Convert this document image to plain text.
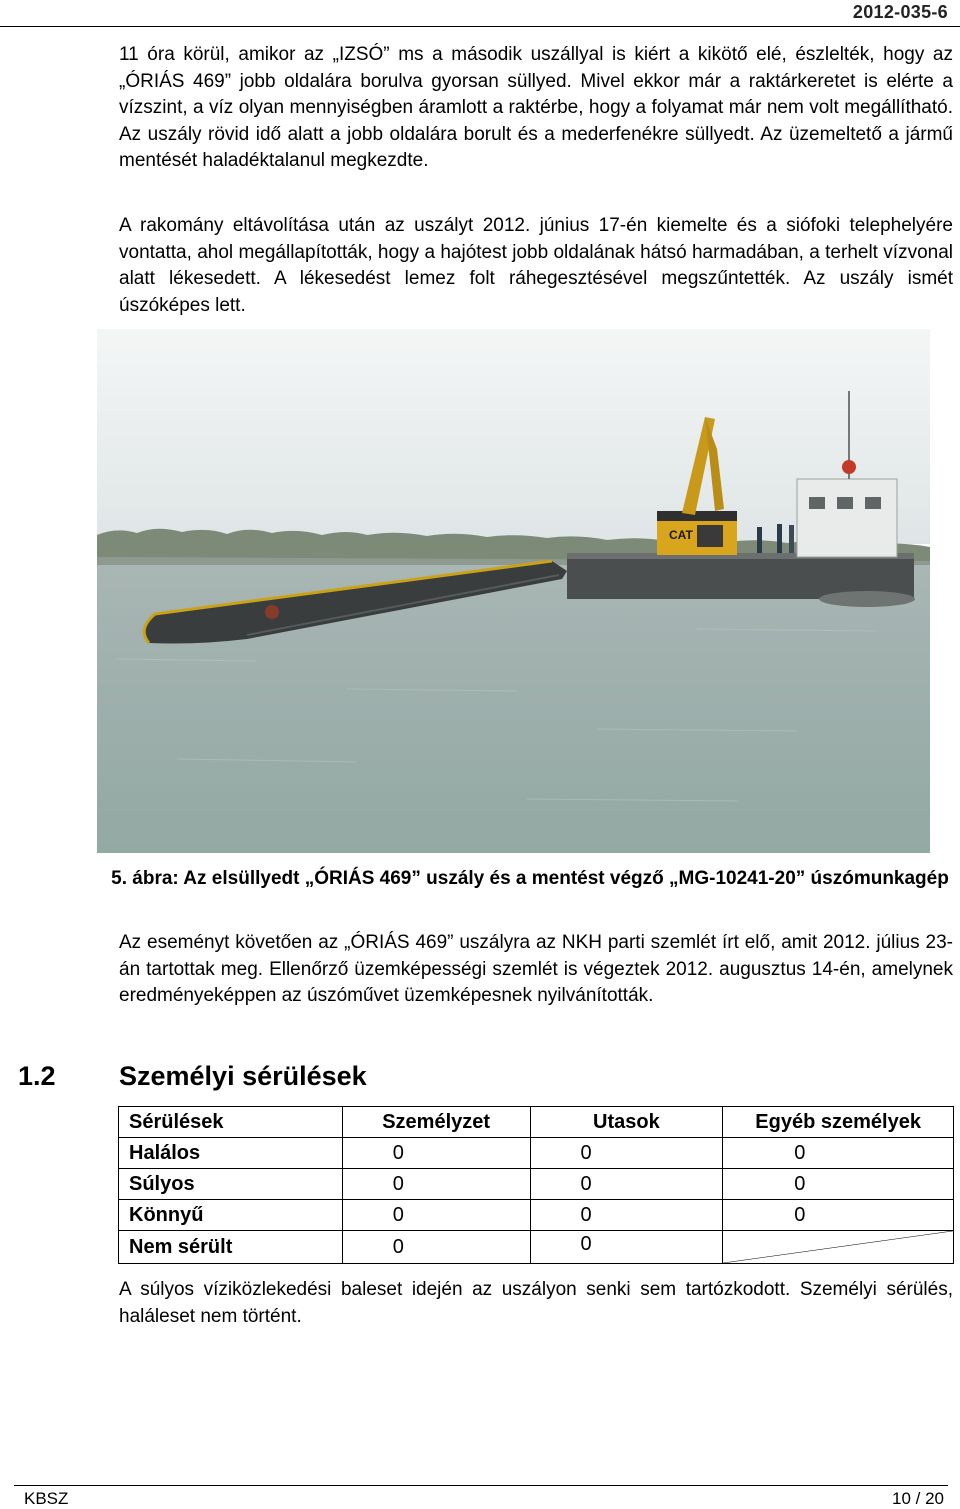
2012-035-6

11 óra körül, amikor az „IZSÓ” ms a második uszállyal is kiért a kikötő elé, észlelték, hogy az „ÓRIÁS 469” jobb oldalára borulva gyorsan süllyed. Mivel ekkor már a raktárkeretet is elérte a vízszint, a víz olyan mennyiségben áramlott a raktérbe, hogy a folyamat már nem volt megállítható. Az uszály rövid idő alatt a jobb oldalára borult és a mederfenékre süllyedt. Az üzemeltető a jármű mentését haladéktalanul megkezdte.

A rakomány eltávolítása után az uszályt 2012. június 17-én kiemelte és a siófoki telephelyére vontatta, ahol megállapították, hogy a hajótest jobb oldalának hátsó harmadában, a terhelt vízvonal alatt lékesedett. A lékesedést lemez folt ráhegesztésével megszűntették. Az uszály ismét úszóképes lett.

CAT

5. ábra: Az elsüllyedt „ÓRIÁS 469” uszály és a mentést végző „MG-10241-20” úszómunkagép

Az eseményt követően az „ÓRIÁS 469” uszályra az NKH parti szemlét írt elő, amit 2012. július 23-án tartottak meg. Ellenőrző üzemképességi szemlét is végeztek 2012. augusztus 14-én, amelynek eredményeképpen az úszóművet üzemképesnek nyilvánították.

1.2 Személyi sérülések
Sérülések	Személyzet	Utasok	Egyéb személyek
Halálos	0	0	0
Súlyos	0	0	0
Könnyű	0	0	0
Nem sérült	0	0	

A súlyos víziközlekedési baleset idején az uszályon senki sem tartózkodott. Személyi sérülés, haláleset nem történt.

KBSZ	10 / 20
